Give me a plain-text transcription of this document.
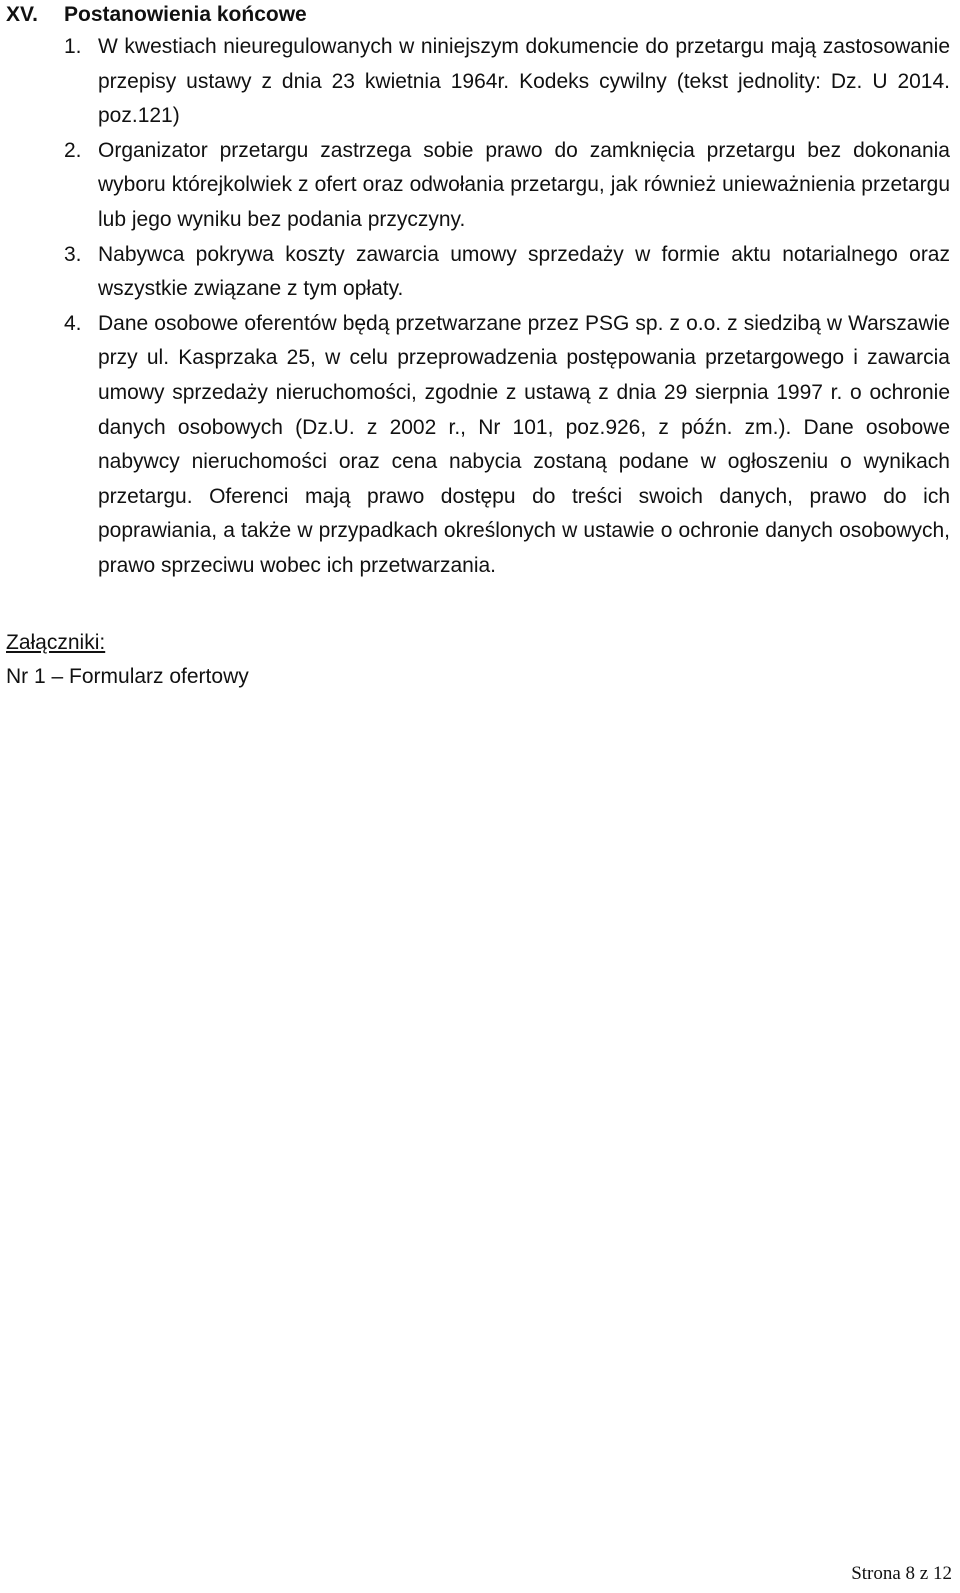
XV. Postanowienia końcowe
1. W kwestiach nieuregulowanych w niniejszym dokumencie do przetargu mają zastosowanie przepisy ustawy z dnia 23 kwietnia 1964r. Kodeks cywilny (tekst jednolity: Dz. U 2014. poz.121)
2. Organizator przetargu zastrzega sobie prawo do zamknięcia przetargu bez dokonania wyboru którejkolwiek z ofert oraz odwołania przetargu, jak również unieważnienia przetargu lub jego wyniku bez podania przyczyny.
3. Nabywca pokrywa koszty zawarcia umowy sprzedaży w formie aktu notarialnego oraz wszystkie związane z tym opłaty.
4. Dane osobowe oferentów będą przetwarzane przez PSG sp. z o.o. z siedzibą w Warszawie przy ul. Kasprzaka 25, w celu przeprowadzenia postępowania przetargowego i zawarcia umowy sprzedaży nieruchomości, zgodnie z ustawą z dnia 29 sierpnia 1997 r. o ochronie danych osobowych (Dz.U. z 2002 r., Nr 101, poz.926, z późn. zm.). Dane osobowe nabywcy nieruchomości oraz cena nabycia zostaną podane w ogłoszeniu o wynikach przetargu. Oferenci mają prawo dostępu do treści swoich danych, prawo do ich poprawiania, a także w przypadkach określonych w ustawie o ochronie danych osobowych, prawo sprzeciwu wobec ich przetwarzania.
Załączniki:
Nr 1 – Formularz ofertowy
Strona 8 z 12
